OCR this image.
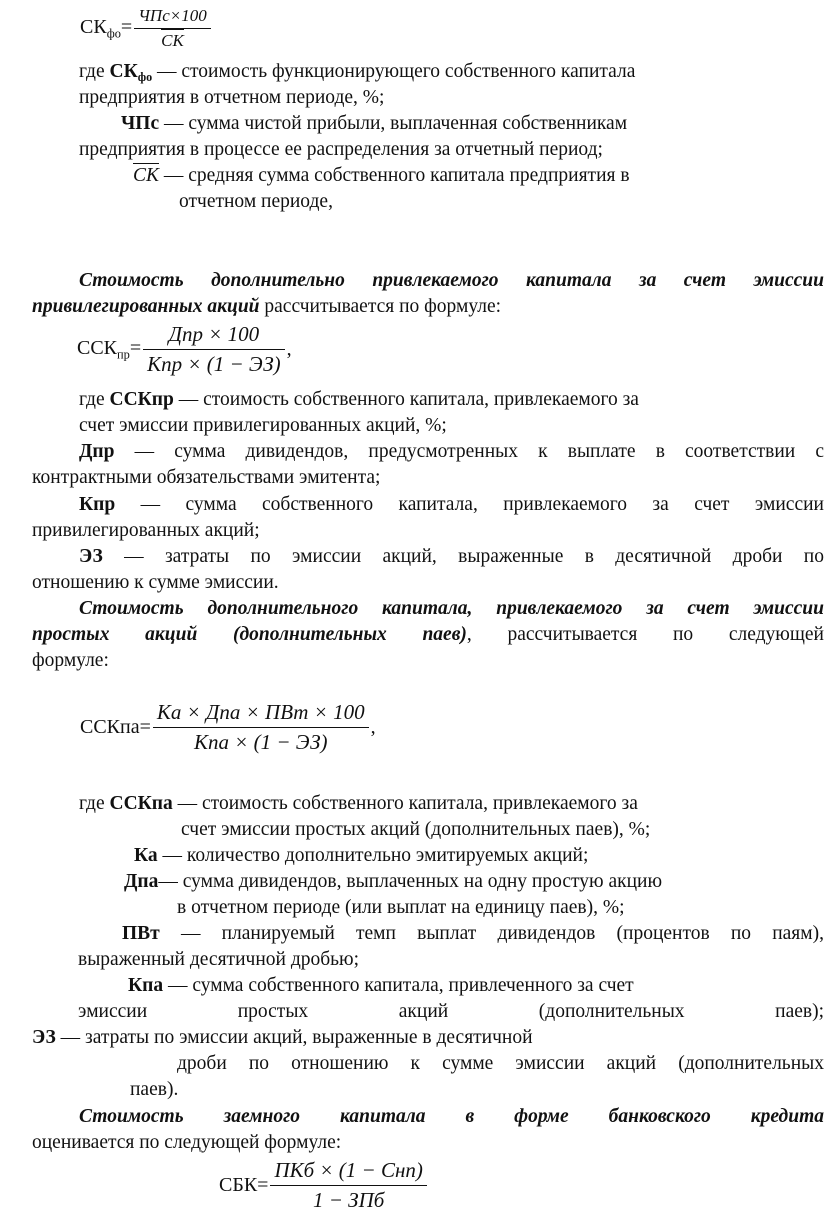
$СК_{фо}= \frac{\text{ЧПс×100}}{СК}$
где $СК_{фо}$ — стоимость функционирующего собственного капитала
предприятия в отчетном периоде, %;
ЧПс — сумма чистой прибыли, выплаченная собственникам
предприятия в процессе ее распределения за отчетный период;
СК — средняя сумма собственного капитала предприятия в
отчетном периоде,
Стоимость дополнительно привлекаемого капитала за счет эмиссии
привилегированных акций рассчитывается по формуле:
$ССК_{пр}= \frac{\text{Дпр × 100}}{\text{Кпр × (1 − ЭЗ)}}$ ,
где ССКпр — стоимость собственного капитала, привлекаемого за
счет эмиссии привилегированных акций, %;
Дпр — сумма дивидендов, предусмотренных к выплате в соответствии с
контрактными обязательствами эмитента;
Кпр — сумма собственного капитала, привлекаемого за счет эмиссии
привилегированных акций;
ЭЗ — затраты по эмиссии акций, выраженные в десятичной дроби по
отношению к сумме эмиссии.
Стоимость дополнительного капитала, привлекаемого за счет эмиссии
простых акций (дополнительных паев), рассчитывается по следующей
формуле:
ССКпа= $\frac{\text{Ка × Дпа × ПВт × 100}}{\text{Кпа × (1 − ЭЗ)}}$ ,
где ССКпа — стоимость собственного капитала, привлекаемого за
счет эмиссии простых акций (дополнительных паев), %;
Ка — количество дополнительно эмитируемых акций;
Дпа— сумма дивидендов, выплаченных на одну простую акцию
в отчетном периоде (или выплат на единицу паев), %;
ПВт — планируемый темп выплат дивидендов (процентов по паям),
выраженный десятичной дробью;
Кпа — сумма собственного капитала, привлеченного за счет
эмиссии простых акций (дополнительных паев);
ЭЗ — затраты по эмиссии акций, выраженные в десятичной
дроби по отношению к сумме эмиссии акций (дополнительных
паев).
Стоимость заемного капитала в форме банковского кредита
оценивается по следующей формуле:
$СБК= \frac{\text{ПКб × (1 − Снп)}}{\text{1 − ЗПб}}$
